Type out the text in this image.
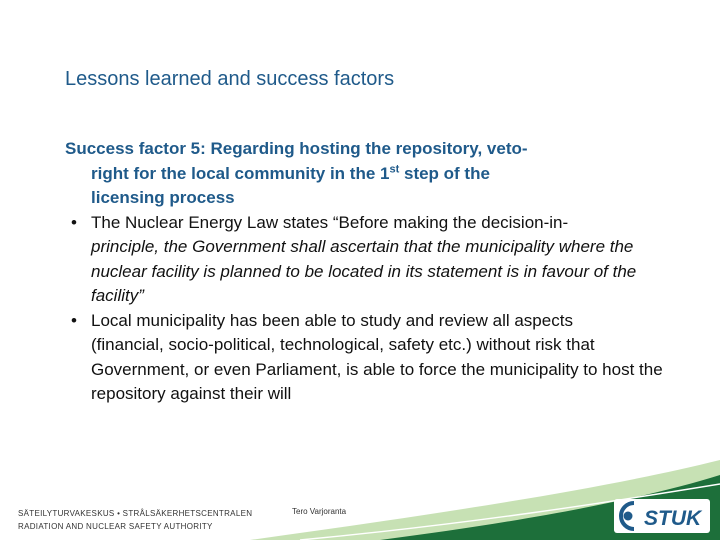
Lessons learned and success factors
Success factor 5: Regarding hosting the repository, veto-
right for the local community in the 1st step of the
licensing process
• The Nuclear Energy Law states “Before making the decision-in-
principle, the Government shall ascertain that the municipality where the nuclear facility is planned to be located in its statement is in favour of the facility”
• Local municipality has been able to study and review all aspects
(financial, socio-political, technological, safety etc.) without risk that Government, or even Parliament, is able to force the municipality to host the repository against their will
SÄTEILYTURVAKESKUS • STRÅLSÄKERHETSCENTRALEN
RADIATION AND NUCLEAR SAFETY AUTHORITY
Tero Varjoranta	STUK
